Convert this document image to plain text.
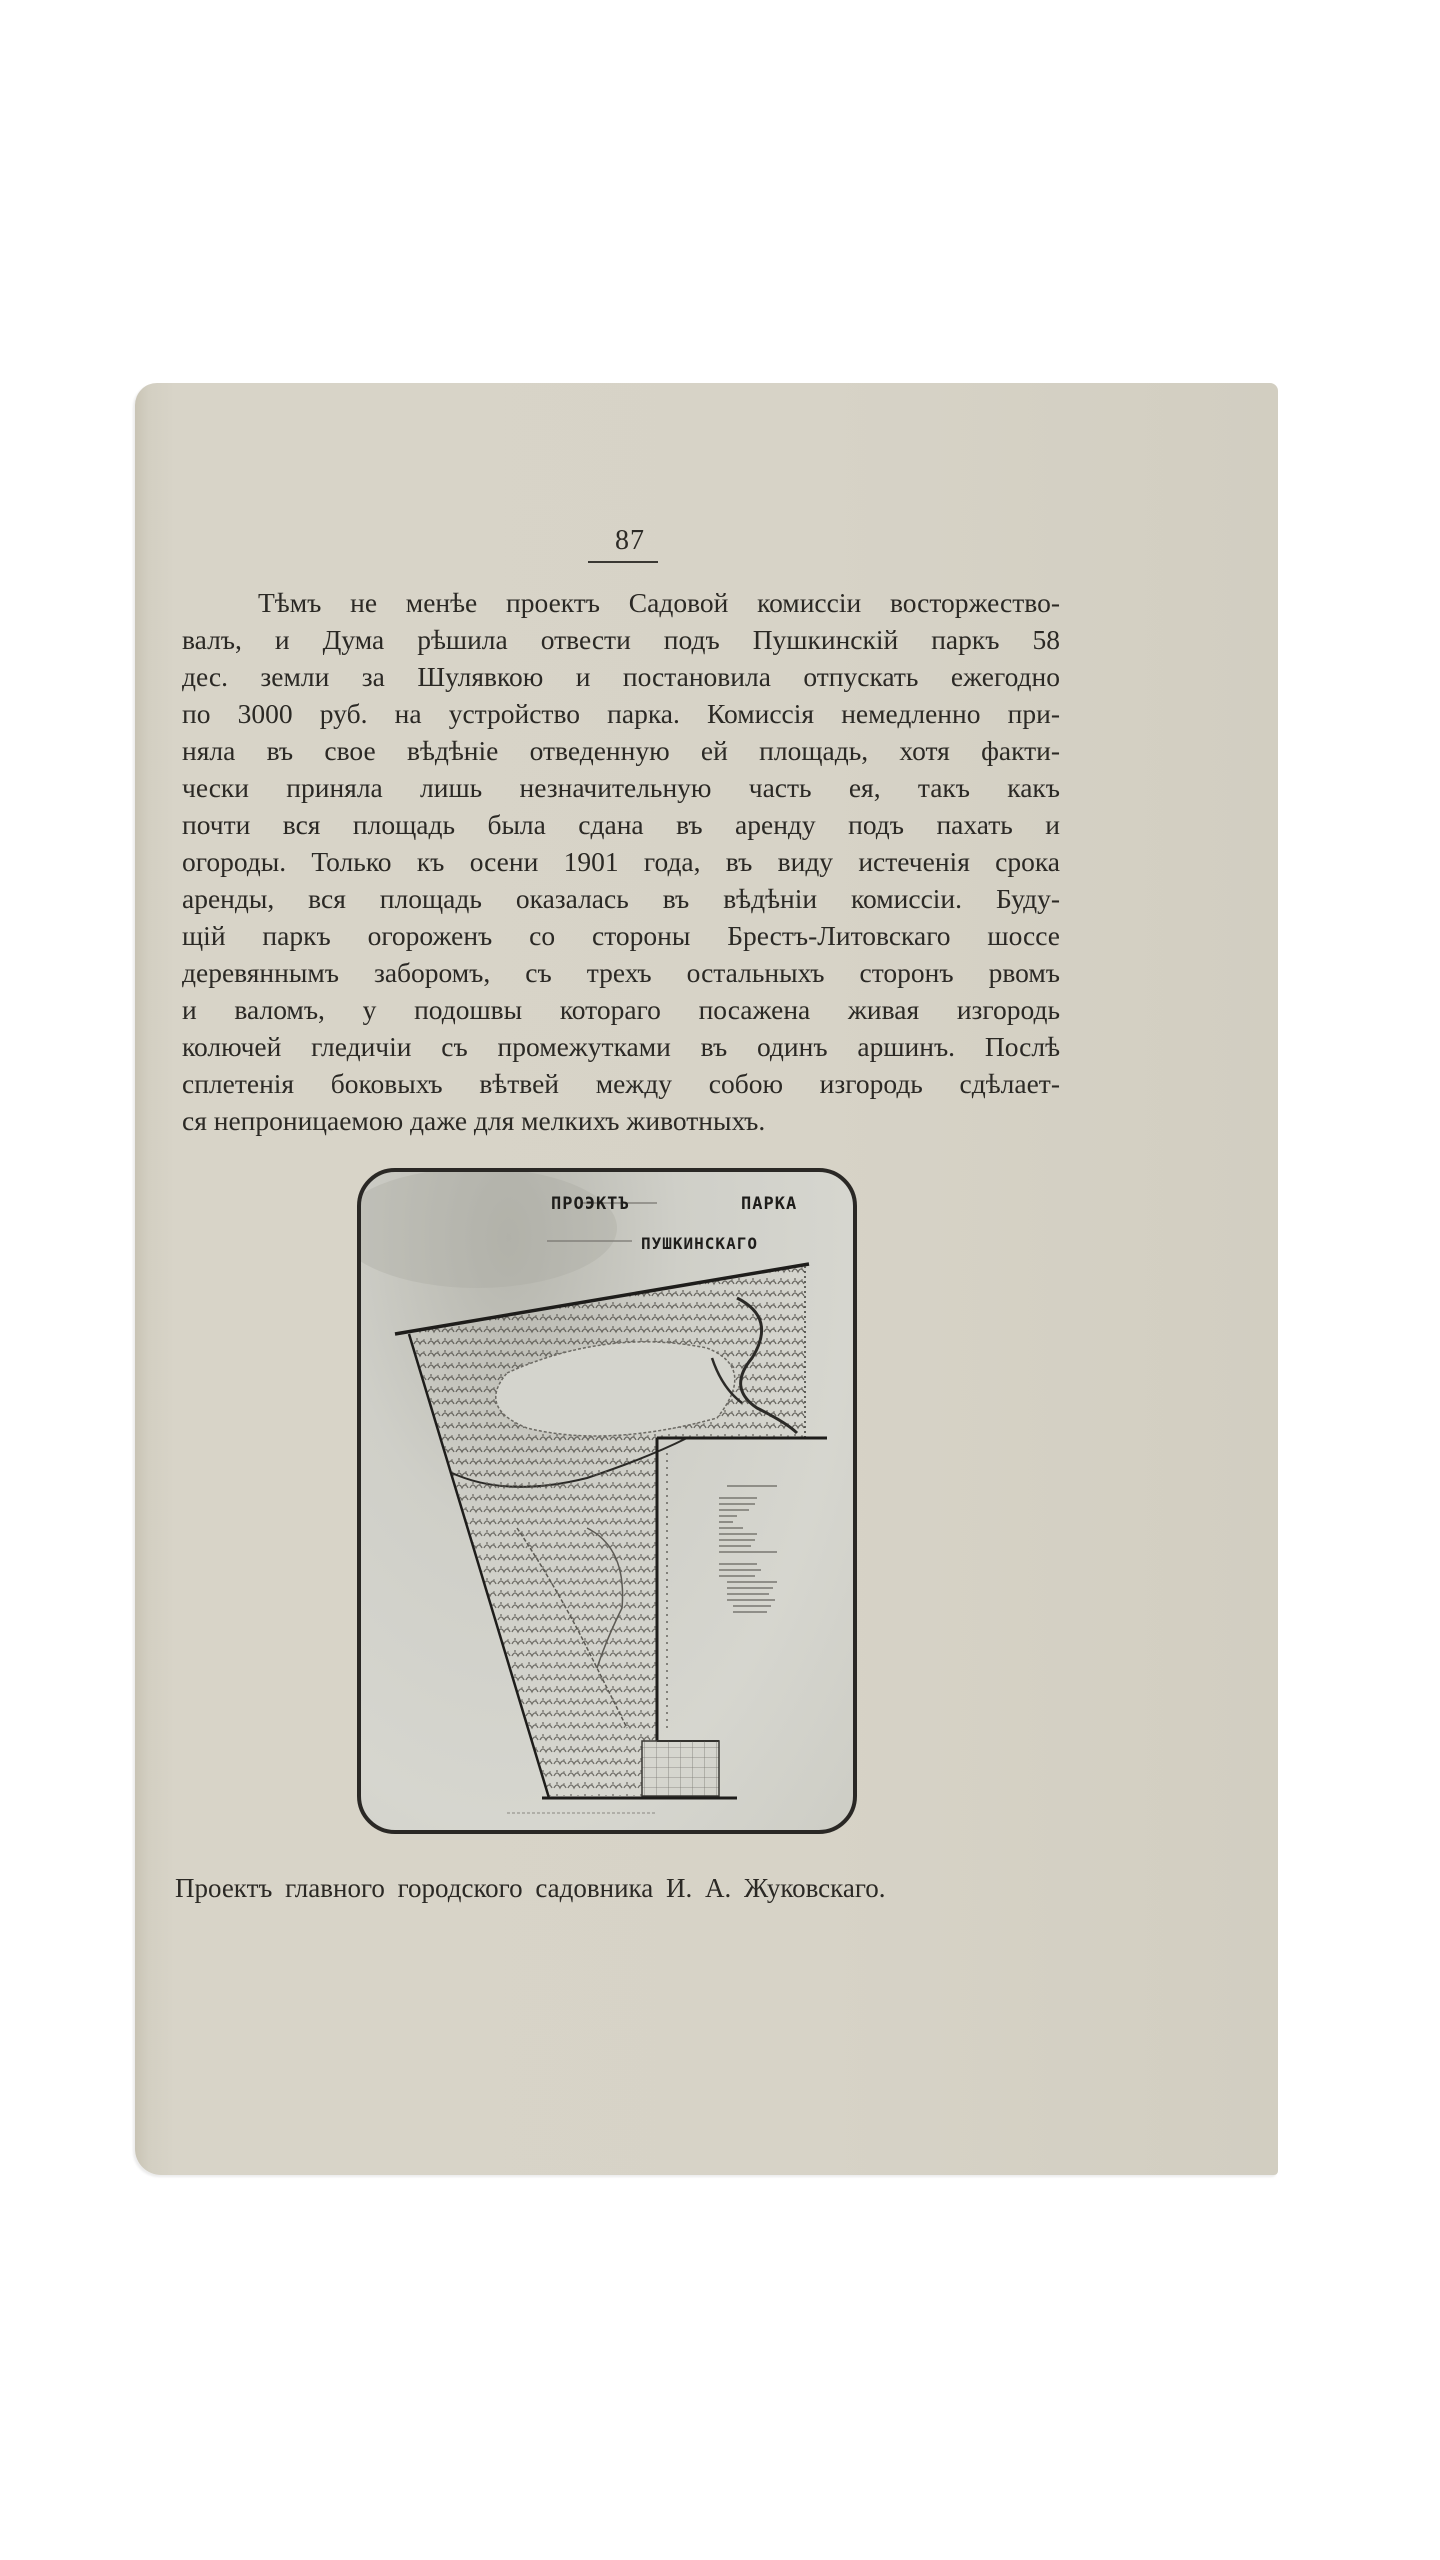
87
Тѣмъ не менѣе проектъ Садовой комиссіи восторжество-
валъ, и Дума рѣшила отвести подъ Пушкинскій паркъ 58
дес. земли за Шулявкою и постановила отпускать ежегодно
по 3000 руб. на устройство парка. Комиссія немедленно при-
няла въ свое вѣдѣніе отведенную ей площадь, хотя факти-
чески приняла лишь незначительную часть ея, такъ какъ
почти вся площадь была сдана въ аренду подъ пахать и
огороды. Только къ осени 1901 года, въ виду истеченія срока
аренды, вся площадь оказалась въ вѣдѣніи комиссіи. Буду-
щій паркъ огороженъ со стороны Брестъ-Литовскаго шоссе
деревяннымъ заборомъ, съ трехъ остальныхъ сторонъ рвомъ
и валомъ, у подошвы котораго посажена живая изгородь
колючей гледичіи съ промежутками въ одинъ аршинъ. Послѣ
сплетенія боковыхъ вѣтвей между собою изгородь сдѣлает-
ся непроницаемою даже для мелкихъ животныхъ.
ПРОЭКТЪ	ПАРКА
ПУШКИНСКАГО
Проектъ главного городского садовника И. А. Жуковскаго.
